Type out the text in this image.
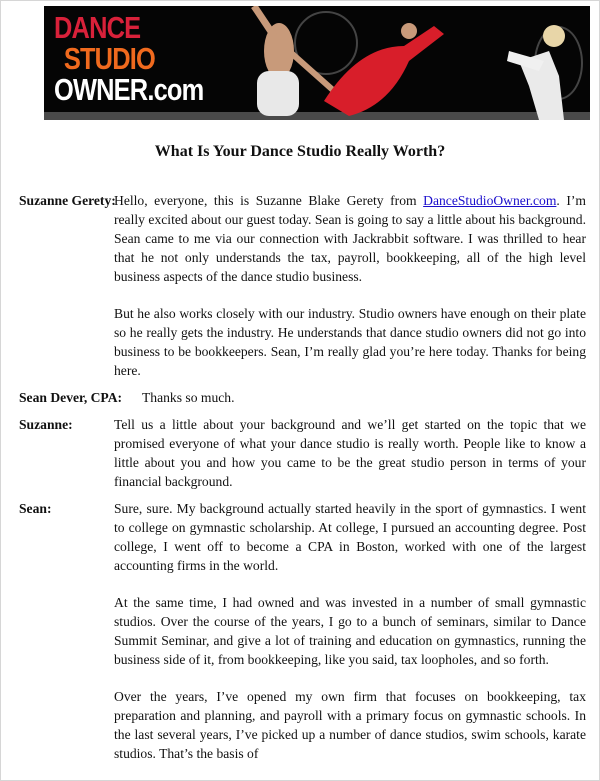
DANCE
STUDIO
OWNER.com
What Is Your Dance Studio Really Worth?
Suzanne Gerety:

Hello, everyone, this is Suzanne Blake Gerety from DanceStudioOwner.com. I’m really excited about our guest today. Sean is going to say a little about his background. Sean came to me via our connection with Jackrabbit software. I was thrilled to hear that he not only understands the tax, payroll, bookkeeping, all of the high level business aspects of the dance studio business.

But he also works closely with our industry. Studio owners have enough on their plate so he really gets the industry. He understands that dance studio owners did not go into business to be bookkeepers. Sean, I’m really glad you’re here today. Thanks for being here.

Sean Dever, CPA: Thanks so much.

Suzanne:	Tell us a little about your background and we’ll get started on the topic that we promised everyone of what your dance studio is really worth. People like to know a little about you and how you came to be the great studio person in terms of your financial background.

Sean:	Sure, sure. My background actually started heavily in the sport of gymnastics. I went to college on gymnastic scholarship. At college, I pursued an accounting degree. Post college, I went off to become a CPA in Boston, worked with one of the largest accounting firms in the world.

At the same time, I had owned and was invested in a number of small gymnastic studios. Over the course of the years, I go to a bunch of seminars, similar to Dance Summit Seminar, and give a lot of training and education on gymnastics, running the business side of it, from bookkeeping, like you said, tax loopholes, and so forth.

Over the years, I’ve opened my own firm that focuses on bookkeeping, tax preparation and planning, and payroll with a primary focus on gymnastic schools. In the last several years, I’ve picked up a number of dance studios, swim schools, karate studios. That’s the basis of
